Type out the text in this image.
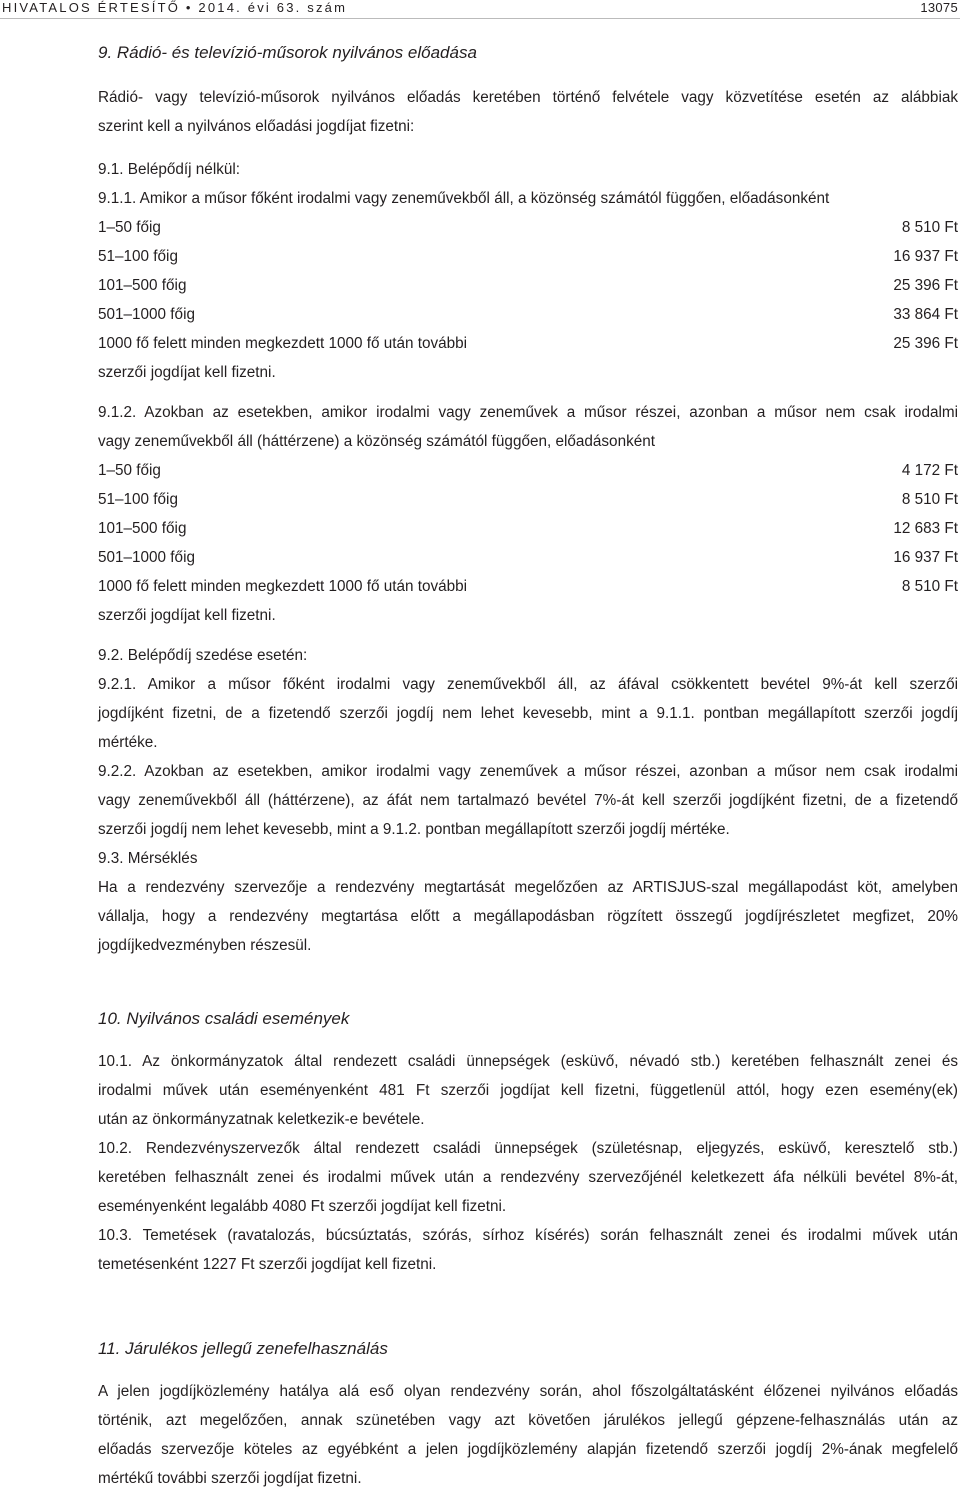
HIVATALOS ÉRTESÍTŐ • 2014. évi 63. szám	13075
9. Rádió- és televízió-műsorok nyilvános előadása
Rádió- vagy televízió-műsorok nyilvános előadás keretében történő felvétele vagy közvetítése esetén az alábbiak
szerint kell a nyilvános előadási jogdíjat fizetni:
9.1. Belépődíj nélkül:
9.1.1. Amikor a műsor főként irodalmi vagy zeneművekből áll, a közönség számától függően, előadásonként
1‒50 főig	8 510 Ft
51‒100 főig	16 937 Ft
101‒500 főig	25 396 Ft
501‒1000 főig	33 864 Ft
1000 fő felett minden megkezdett 1000 fő után további	25 396 Ft
szerzői jogdíjat kell fizetni.
9.1.2. Azokban az esetekben, amikor irodalmi vagy zeneművek a műsor részei, azonban a műsor nem csak irodalmi
vagy zeneművekből áll (háttérzene) a közönség számától függően, előadásonként
1‒50 főig	4 172 Ft
51‒100 főig	8 510 Ft
101‒500 főig	12 683 Ft
501‒1000 főig	16 937 Ft
1000 fő felett minden megkezdett 1000 fő után további	8 510 Ft
szerzői jogdíjat kell fizetni.
9.2. Belépődíj szedése esetén:
9.2.1. Amikor a műsor főként irodalmi vagy zeneművekből áll, az áfával csökkentett bevétel 9%-át kell szerzői
jogdíjként fizetni, de a fizetendő szerzői jogdíj nem lehet kevesebb, mint a 9.1.1. pontban megállapított szerzői jogdíj
mértéke.
9.2.2. Azokban az esetekben, amikor irodalmi vagy zeneművek a műsor részei, azonban a műsor nem csak irodalmi
vagy zeneművekből áll (háttérzene), az áfát nem tartalmazó bevétel 7%-át kell szerzői jogdíjként fizetni, de a fizetendő
szerzői jogdíj nem lehet kevesebb, mint a 9.1.2. pontban megállapított szerzői jogdíj mértéke.
9.3. Mérséklés
Ha a rendezvény szervezője a rendezvény megtartását megelőzően az ARTISJUS-szal megállapodást köt, amelyben
vállalja, hogy a rendezvény megtartása előtt a megállapodásban rögzített összegű jogdíjrészletet megfizet, 20%
jogdíjkedvezményben részesül.
10. Nyilvános családi események
10.1. Az önkormányzatok által rendezett családi ünnepségek (esküvő, névadó stb.) keretében felhasznált zenei és
irodalmi művek után eseményenként 481 Ft szerzői jogdíjat kell fizetni, függetlenül attól, hogy ezen esemény(ek)
után az önkormányzatnak keletkezik-e bevétele.
10.2. Rendezvényszervezők által rendezett családi ünnepségek (születésnap, eljegyzés, esküvő, keresztelő stb.)
keretében felhasznált zenei és irodalmi művek után a rendezvény szervezőjénél keletkezett áfa nélküli bevétel 8%-át,
eseményenként legalább 4080 Ft szerzői jogdíjat kell fizetni.
10.3. Temetések (ravatalozás, búcsúztatás, szórás, sírhoz kísérés) során felhasznált zenei és irodalmi művek után
temetésenként 1227 Ft szerzői jogdíjat kell fizetni.
11. Járulékos jellegű zenefelhasználás
A jelen jogdíjközlemény hatálya alá eső olyan rendezvény során, ahol főszolgáltatásként élőzenei nyilvános előadás
történik, azt megelőzően, annak szünetében vagy azt követően járulékos jellegű gépzene-felhasználás után az
előadás szervezője köteles az egyébként a jelen jogdíjközlemény alapján fizetendő szerzői jogdíj 2%-ának megfelelő
mértékű további szerzői jogdíjat fizetni.
